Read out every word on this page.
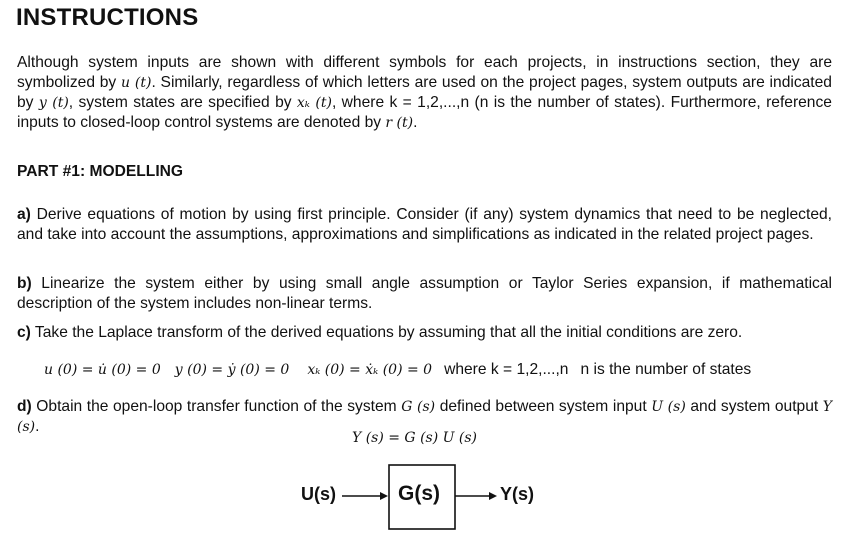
INSTRUCTIONS
Although system inputs are shown with different symbols for each projects, in instructions section, they are symbolized by u (t). Similarly, regardless of which letters are used on the project pages, system outputs are indicated by y (t), system states are specified by xₖ (t), where k = 1,2,...,n (n is the number of states). Furthermore, reference inputs to closed-loop control systems are denoted by r (t).
PART #1: MODELLING
a) Derive equations of motion by using first principle. Consider (if any) system dynamics that need to be neglected, and take into account the assumptions, approximations and simplifications as indicated in the related project pages.
b) Linearize the system either by using small angle assumption or Taylor Series expansion, if mathematical description of the system includes non-linear terms.
c) Take the Laplace transform of the derived equations by assuming that all the initial conditions are zero.
u (0) = u̇ (0) = 0 y (0) = ẏ (0) = 0 xₖ (0) = ẋₖ (0) = 0 where k = 1,2,...,n n is the number of states
d) Obtain the open-loop transfer function of the system G (s) defined between system input U (s) and system output Y (s).
Y (s) = G (s) U (s)
U(s)	G(s)	Y(s)
